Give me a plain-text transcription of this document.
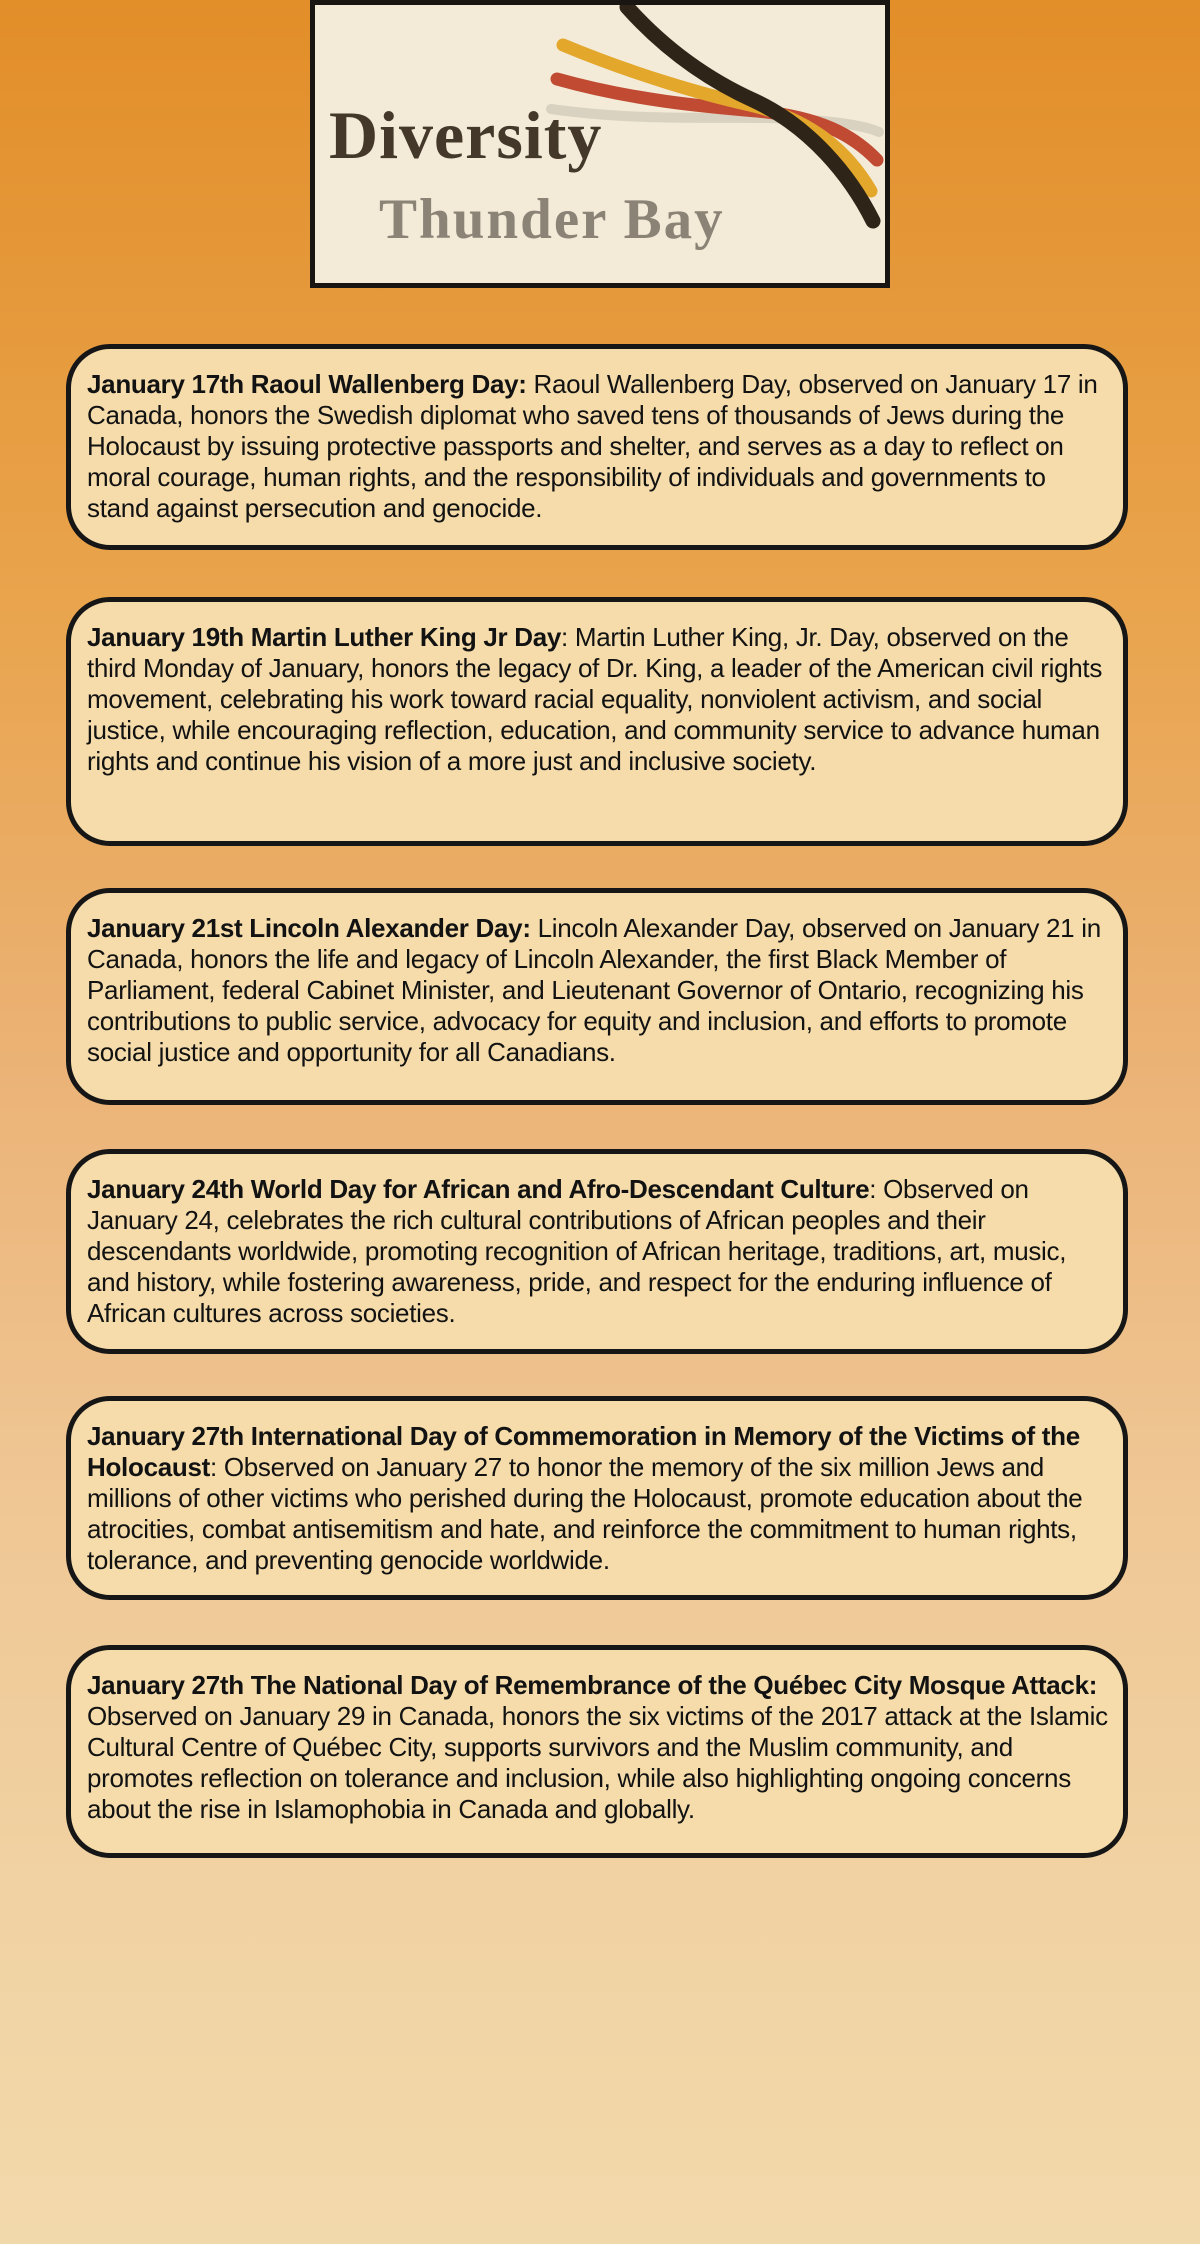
Diversity
Thunder Bay

January 17th Raoul Wallenberg Day: Raoul Wallenberg Day, observed on January 17 in Canada, honors the Swedish diplomat who saved tens of thousands of Jews during the Holocaust by issuing protective passports and shelter, and serves as a day to reflect on moral courage, human rights, and the responsibility of individuals and governments to stand against persecution and genocide.

January 19th Martin Luther King Jr Day: Martin Luther King, Jr. Day, observed on the third Monday of January, honors the legacy of Dr. King, a leader of the American civil rights movement, celebrating his work toward racial equality, nonviolent activism, and social justice, while encouraging reflection, education, and community service to advance human rights and continue his vision of a more just and inclusive society.

January 21st Lincoln Alexander Day: Lincoln Alexander Day, observed on January 21 in Canada, honors the life and legacy of Lincoln Alexander, the first Black Member of Parliament, federal Cabinet Minister, and Lieutenant Governor of Ontario, recognizing his contributions to public service, advocacy for equity and inclusion, and efforts to promote social justice and opportunity for all Canadians.

January 24th World Day for African and Afro-Descendant Culture: Observed on January 24, celebrates the rich cultural contributions of African peoples and their descendants worldwide, promoting recognition of African heritage, traditions, art, music, and history, while fostering awareness, pride, and respect for the enduring influence of African cultures across societies.

January 27th International Day of Commemoration in Memory of the Victims of the Holocaust: Observed on January 27 to honor the memory of the six million Jews and millions of other victims who perished during the Holocaust, promote education about the atrocities, combat antisemitism and hate, and reinforce the commitment to human rights, tolerance, and preventing genocide worldwide.

January 27th The National Day of Remembrance of the Québec City Mosque Attack: Observed on January 29 in Canada, honors the six victims of the 2017 attack at the Islamic Cultural Centre of Québec City, supports survivors and the Muslim community, and promotes reflection on tolerance and inclusion, while also highlighting ongoing concerns about the rise in Islamophobia in Canada and globally.
